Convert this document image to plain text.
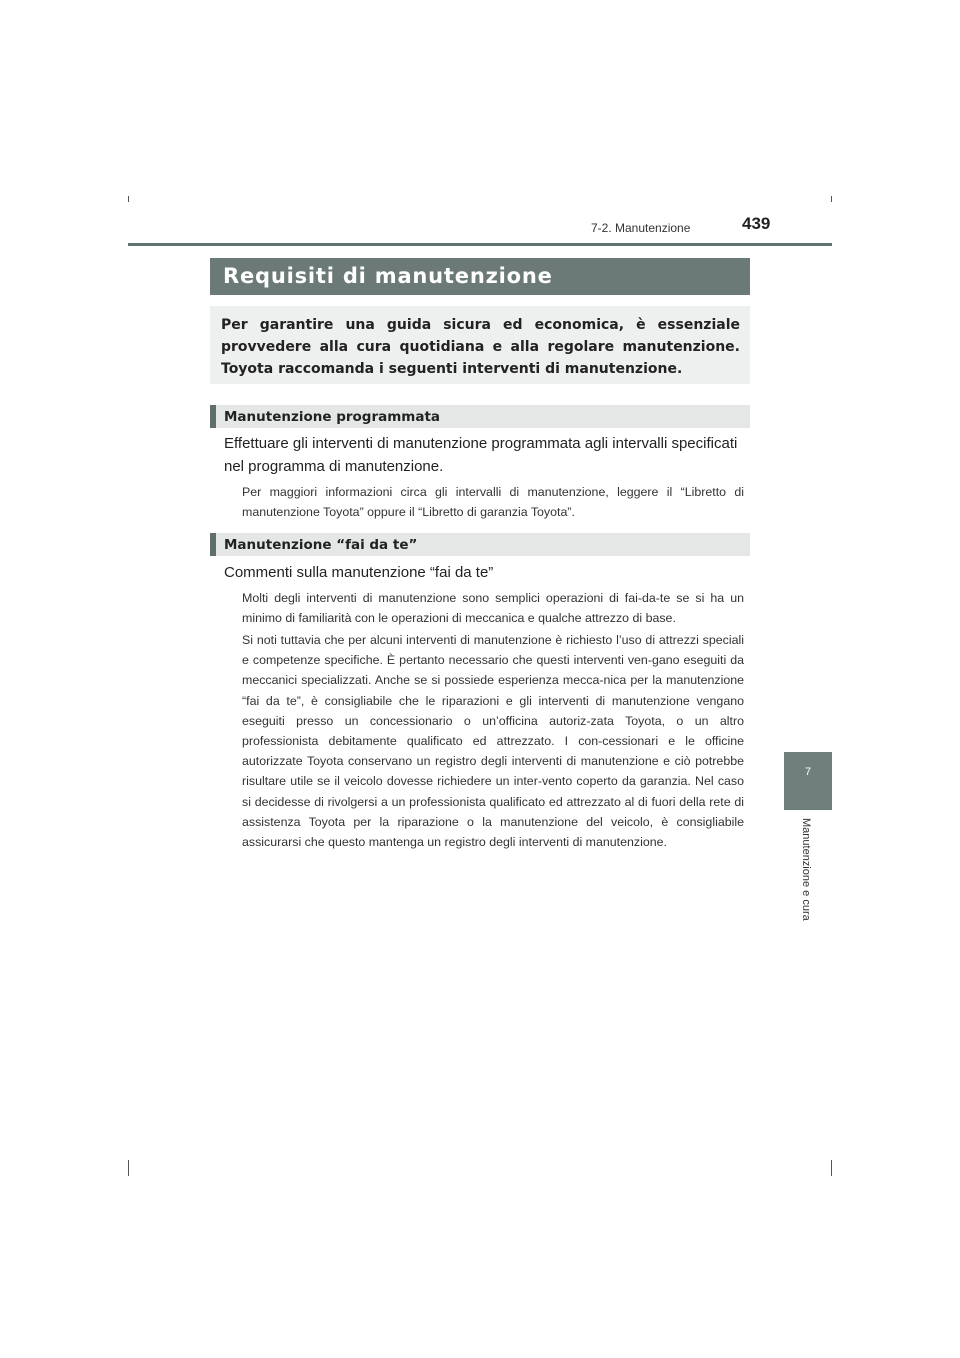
7-2. Manutenzione	439
7
Manutenzione e cura
Requisiti di manutenzione

Per garantire una guida sicura ed economica, è essenziale provvedere alla cura quotidiana e alla regolare manutenzione. Toyota raccomanda i seguenti interventi di manutenzione.

Manutenzione programmata

Effettuare gli interventi di manutenzione programmata agli intervalli specificati nel programma di manutenzione.

Per maggiori informazioni circa gli intervalli di manutenzione, leggere il “Libretto di manutenzione Toyota” oppure il “Libretto di garanzia Toyota”.

Manutenzione “fai da te”

Commenti sulla manutenzione “fai da te”

Molti degli interventi di manutenzione sono semplici operazioni di fai-da-te se si ha un minimo di familiarità con le operazioni di meccanica e qualche attrezzo di base.

Si noti tuttavia che per alcuni interventi di manutenzione è richiesto l’uso di attrezzi speciali e competenze specifiche. È pertanto necessario che questi interventi ven-gano eseguiti da meccanici specializzati. Anche se si possiede esperienza mecca-nica per la manutenzione “fai da te”, è consigliabile che le riparazioni e gli interventi di manutenzione vengano eseguiti presso un concessionario o un’officina autoriz-zata Toyota, o un altro professionista debitamente qualificato ed attrezzato. I con-cessionari e le officine autorizzate Toyota conservano un registro degli interventi di manutenzione e ciò potrebbe risultare utile se il veicolo dovesse richiedere un inter-vento coperto da garanzia. Nel caso si decidesse di rivolgersi a un professionista qualificato ed attrezzato al di fuori della rete di assistenza Toyota per la riparazione o la manutenzione del veicolo, è consigliabile assicurarsi che questo mantenga un registro degli interventi di manutenzione.
